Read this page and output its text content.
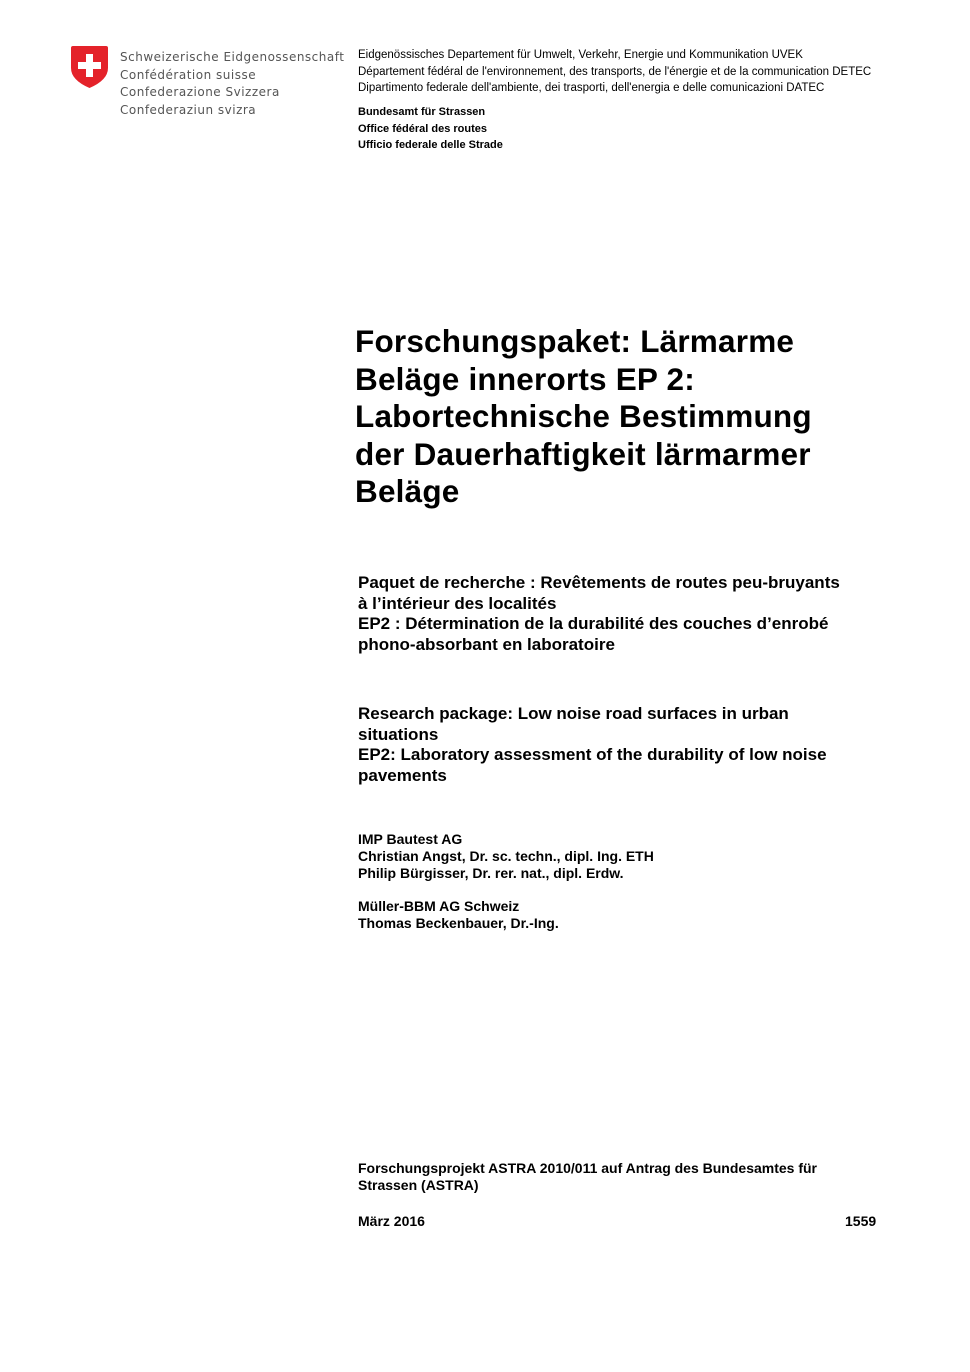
Schweizerische Eidgenossenschaft
Confédération suisse
Confederazione Svizzera
Confederaziun svizra
Eidgenössisches Departement für Umwelt, Verkehr, Energie und Kommunikation UVEK
Département fédéral de l'environnement, des transports, de l'énergie et de la communication DETEC
Dipartimento federale dell'ambiente, dei trasporti, dell'energia e delle comunicazioni DATEC
Bundesamt für Strassen
Office fédéral des routes
Ufficio federale delle Strade
Forschungspaket: Lärmarme
Beläge innerorts EP 2:
Labortechnische Bestimmung
der Dauerhaftigkeit lärmarmer
Beläge
Paquet de recherche : Revêtements de routes peu-bruyants
à l’intérieur des localités
EP2 : Détermination de la durabilité des couches d’enrobé
phono-absorbant en laboratoire
Research package: Low noise road surfaces in urban
situations
EP2: Laboratory assessment of the durability of low noise
pavements
IMP Bautest AG
Christian Angst, Dr. sc. techn., dipl. Ing. ETH
Philip Bürgisser, Dr. rer. nat., dipl. Erdw.
Müller-BBM AG Schweiz
Thomas Beckenbauer, Dr.-Ing.
Forschungsprojekt ASTRA 2010/011 auf Antrag des Bundesamtes für
Strassen (ASTRA)
März 2016	1559
